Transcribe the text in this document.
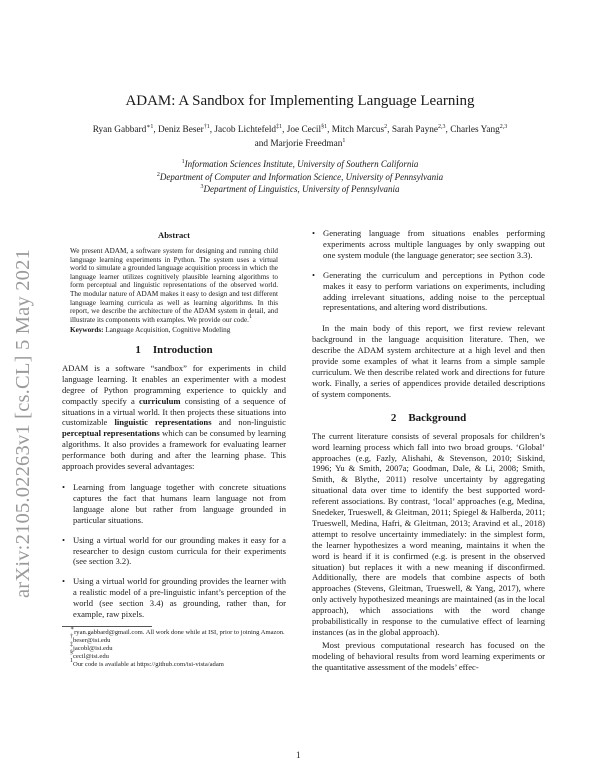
arXiv:2105.02263v1 [cs.CL] 5 May 2021
ADAM: A Sandbox for Implementing Language Learning
Ryan Gabbard$^{∗1}$, Deniz Beser$^{\dagger 1}$, Jacob Lichtefeld$^{\ddagger 1}$, Joe Cecil$^{\S 1}$, Mitch Marcus$^2$, Sarah Payne$^{2,3}$, Charles Yang$^{2,3}$
and Marjorie Freedman$^1$
$^1$Information Sciences Institute, University of Southern California
$^2$Department of Computer and Information Science, University of Pennsylvania
$^3$Department of Linguistics, University of Pennsylvania
Abstract

We present ADAM, a software system for designing and running child language learning experiments in Python. The system uses a virtual world to simulate a grounded language acquisition process in which the language learner utilizes cognitively plausible learning algorithms to form perceptual and linguistic representations of the observed world. The modular nature of ADAM makes it easy to design and test different language learning curricula as well as learning algorithms. In this report, we describe the architecture of the ADAM system in detail, and illustrate its components with examples. We provide our code.$^1$

Keywords: Language Acquisition, Cognitive Modeling

1 Introduction

ADAM is a software “sandbox” for experiments in child language learning. It enables an experimenter with a modest degree of Python programming experience to quickly and compactly specify a curriculum consisting of a sequence of situations in a virtual world. It then projects these situations into customizable linguistic representations and non-linguistic perceptual representations which can be consumed by learning algorithms. It also provides a framework for evaluating learner performance both during and after the learning phase. This approach provides several advantages:

• Learning from language together with concrete situations captures the fact that humans learn language not from language alone but rather from language grounded in particular situations.
• Using a virtual world for our grounding makes it easy for a researcher to design custom curricula for their experiments (see section 3.2).
• Using a virtual world for grounding provides the learner with a realistic model of a pre-linguistic infant’s perception of the world (see section 3.4) as grounding, rather than, for example, raw pixels.
∗ryan.gabbard@gmail.com. All work done while at ISI, prior to joining Amazon.
†beser@isi.edu
‡jacobl@isi.edu
§cecil@isi.edu
$^1$Our code is available at https://github.com/isi-vista/adam
• Generating language from situations enables performing experiments across multiple languages by only swapping out one system module (the language generator; see section 3.3).
• Generating the curriculum and perceptions in Python code makes it easy to perform variations on experiments, including adding irrelevant situations, adding noise to the perceptual representations, and altering word distributions.

In the main body of this report, we first review relevant background in the language acquisition literature. Then, we describe the ADAM system architecture at a high level and then provide some examples of what it learns from a simple sample curriculum. We then describe related work and directions for future work. Finally, a series of appendices provide detailed descriptions of system components.

2 Background

The current literature consists of several proposals for children’s word learning process which fall into two broad groups. ‘Global’ approaches (e.g, Fazly, Alishahi, & Stevenson, 2010; Siskind, 1996; Yu & Smith, 2007a; Goodman, Dale, & Li, 2008; Smith, Smith, & Blythe, 2011) resolve uncertainty by aggregating situational data over time to identify the best supported word-referent associations. By contrast, ‘local’ approaches (e.g, Medina, Snedeker, Trueswell, & Gleitman, 2011; Spiegel & Halberda, 2011; Trueswell, Medina, Hafri, & Gleitman, 2013; Aravind et al., 2018) attempt to resolve uncertainty immediately: in the simplest form, the learner hypothesizes a word meaning, maintains it when the word is heard if it is confirmed (e.g. is present in the observed situation) but replaces it with a new meaning if disconfirmed. Additionally, there are models that combine aspects of both approaches (Stevens, Gleitman, Trueswell, & Yang, 2017), where only actively hypothesized meanings are maintained (as in the local approach), which associations with the word change probabilistically in response to the cumulative effect of learning instances (as in the global approach).

Most previous computational research has focused on the modeling of behavioral results from word learning experiments or the quantitative assessment of the models’ effec-

1
